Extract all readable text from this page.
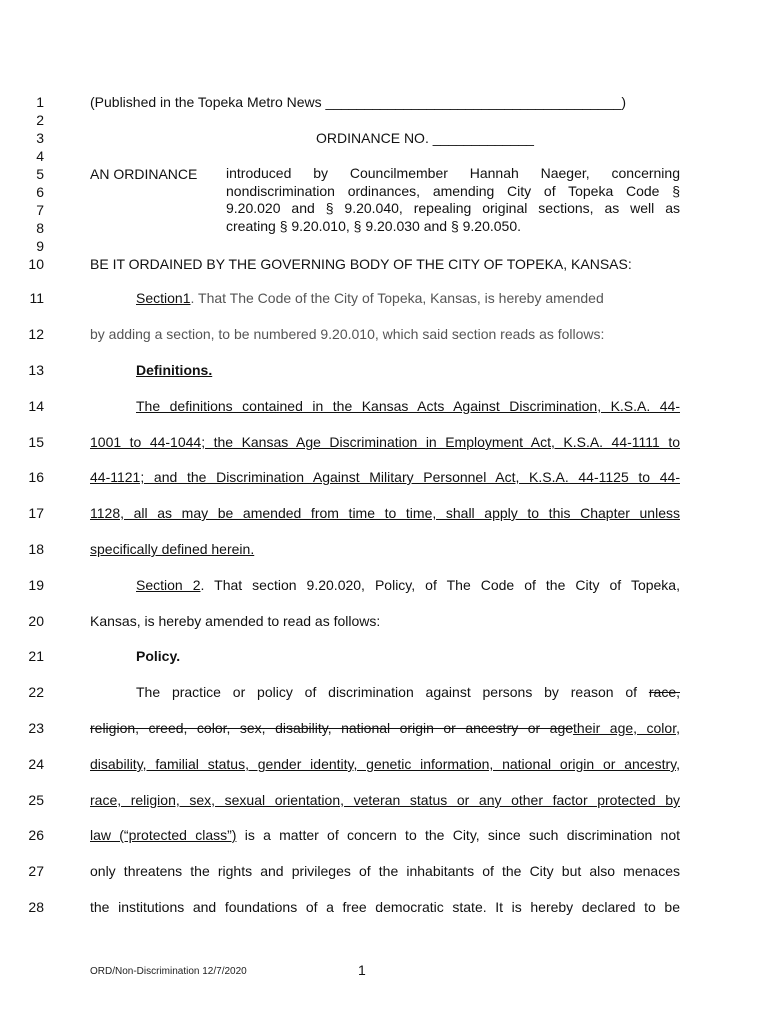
1
2
3
4
5
6
7
8
9
10
11
12
13
14
15
16
17
18
19
20
21
22
23
24
25
26
27
28
(Published in the Topeka Metro News ______________________________________)
ORDINANCE NO. _____________
AN ORDINANCE introduced by Councilmember Hannah Naeger, concerning
nondiscrimination ordinances, amending City of Topeka Code §
9.20.020 and § 9.20.040, repealing original sections, as well as
creating § 9.20.010, § 9.20.030 and § 9.20.050.
BE IT ORDAINED BY THE GOVERNING BODY OF THE CITY OF TOPEKA, KANSAS:
Section1. That The Code of the City of Topeka, Kansas, is hereby amended
by adding a section, to be numbered 9.20.010, which said section reads as follows:
Definitions.
The definitions contained in the Kansas Acts Against Discrimination, K.S.A. 44-
1001 to 44-1044; the Kansas Age Discrimination in Employment Act, K.S.A. 44-1111 to
44-1121; and the Discrimination Against Military Personnel Act, K.S.A. 44-1125 to 44-
1128, all as may be amended from time to time, shall apply to this Chapter unless
specifically defined herein.
Section 2. That section 9.20.020, Policy, of The Code of the City of Topeka,
Kansas, is hereby amended to read as follows:
Policy.
The practice or policy of discrimination against persons by reason of race,
religion, creed, color, sex, disability, national origin or ancestry or agetheir age, color,
disability, familial status, gender identity, genetic information, national origin or ancestry,
race, religion, sex, sexual orientation, veteran status or any other factor protected by
law (“protected class”) is a matter of concern to the City, since such discrimination not
only threatens the rights and privileges of the inhabitants of the City but also menaces
the institutions and foundations of a free democratic state. It is hereby declared to be
ORD/Non-Discrimination 12/7/2020	1
